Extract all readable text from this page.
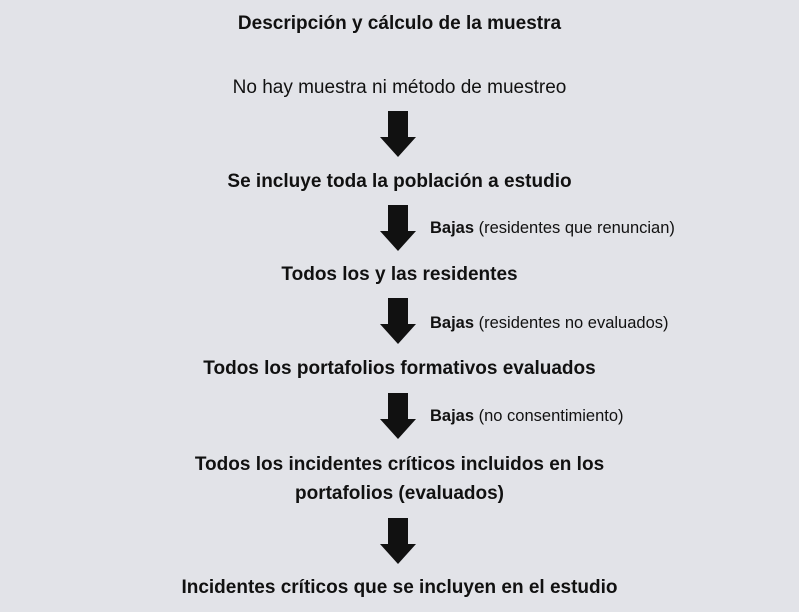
Descripción y cálculo de la muestra
No hay muestra ni método de muestreo
Se incluye toda la población a estudio
Bajas (residentes que renuncian)
Todos los y las residentes
Bajas (residentes no evaluados)
Todos los portafolios formativos evaluados
Bajas (no consentimiento)
Todos los incidentes críticos incluidos en los
portafolios (evaluados)
Incidentes críticos que se incluyen en el estudio
